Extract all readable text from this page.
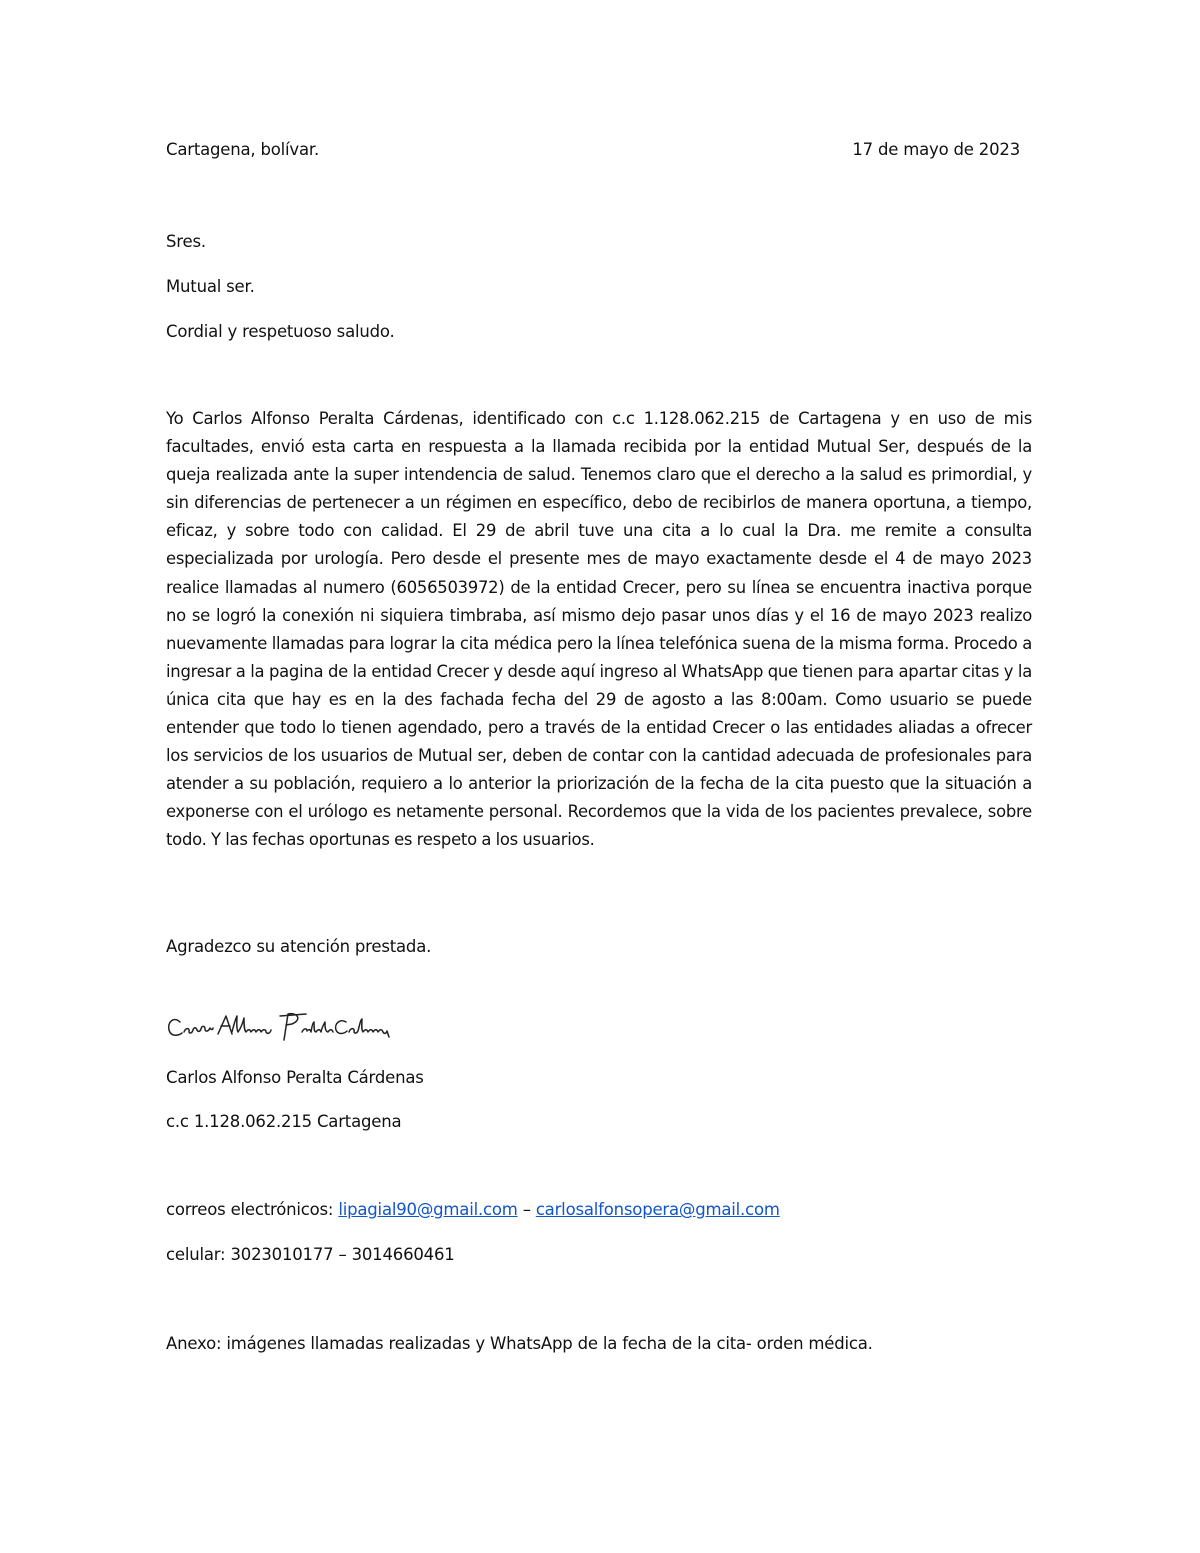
Cartagena, bolívar.	17 de mayo de 2023
Sres.
Mutual ser.
Cordial y respetuoso saludo.

Yo Carlos Alfonso Peralta Cárdenas, identificado con c.c 1.128.062.215 de Cartagena y en uso de mis facultades, envió esta carta en respuesta a la llamada recibida por la entidad Mutual Ser, después de la queja realizada ante la super intendencia de salud. Tenemos claro que el derecho a la salud es primordial, y sin diferencias de pertenecer a un régimen en específico, debo de recibirlos de manera oportuna, a tiempo, eficaz, y sobre todo con calidad. El 29 de abril tuve una cita a lo cual la Dra. me remite a consulta especializada por urología. Pero desde el presente mes de mayo exactamente desde el 4 de mayo 2023 realice llamadas al numero (6056503972) de la entidad Crecer, pero su línea se encuentra inactiva porque no se logró la conexión ni siquiera timbraba, así mismo dejo pasar unos días y el 16 de mayo 2023 realizo nuevamente llamadas para lograr la cita médica pero la línea telefónica suena de la misma forma. Procedo a ingresar a la pagina de la entidad Crecer y desde aquí ingreso al WhatsApp que tienen para apartar citas y la única cita que hay es en la des fachada fecha del 29 de agosto a las 8:00am. Como usuario se puede entender que todo lo tienen agendado, pero a través de la entidad Crecer o las entidades aliadas a ofrecer los servicios de los usuarios de Mutual ser, deben de contar con la cantidad adecuada de profesionales para atender a su población, requiero a lo anterior la priorización de la fecha de la cita puesto que la situación a exponerse con el urólogo es netamente personal. Recordemos que la vida de los pacientes prevalece, sobre todo. Y las fechas oportunas es respeto a los usuarios.

Agradezco su atención prestada.
Carlos Alfonso Peralta Cárdenas
c.c 1.128.062.215 Cartagena
correos electrónicos: lipagial90@gmail.com – carlosalfonsopera@gmail.com
celular: 3023010177 – 3014660461
Anexo: imágenes llamadas realizadas y WhatsApp de la fecha de la cita- orden médica.
